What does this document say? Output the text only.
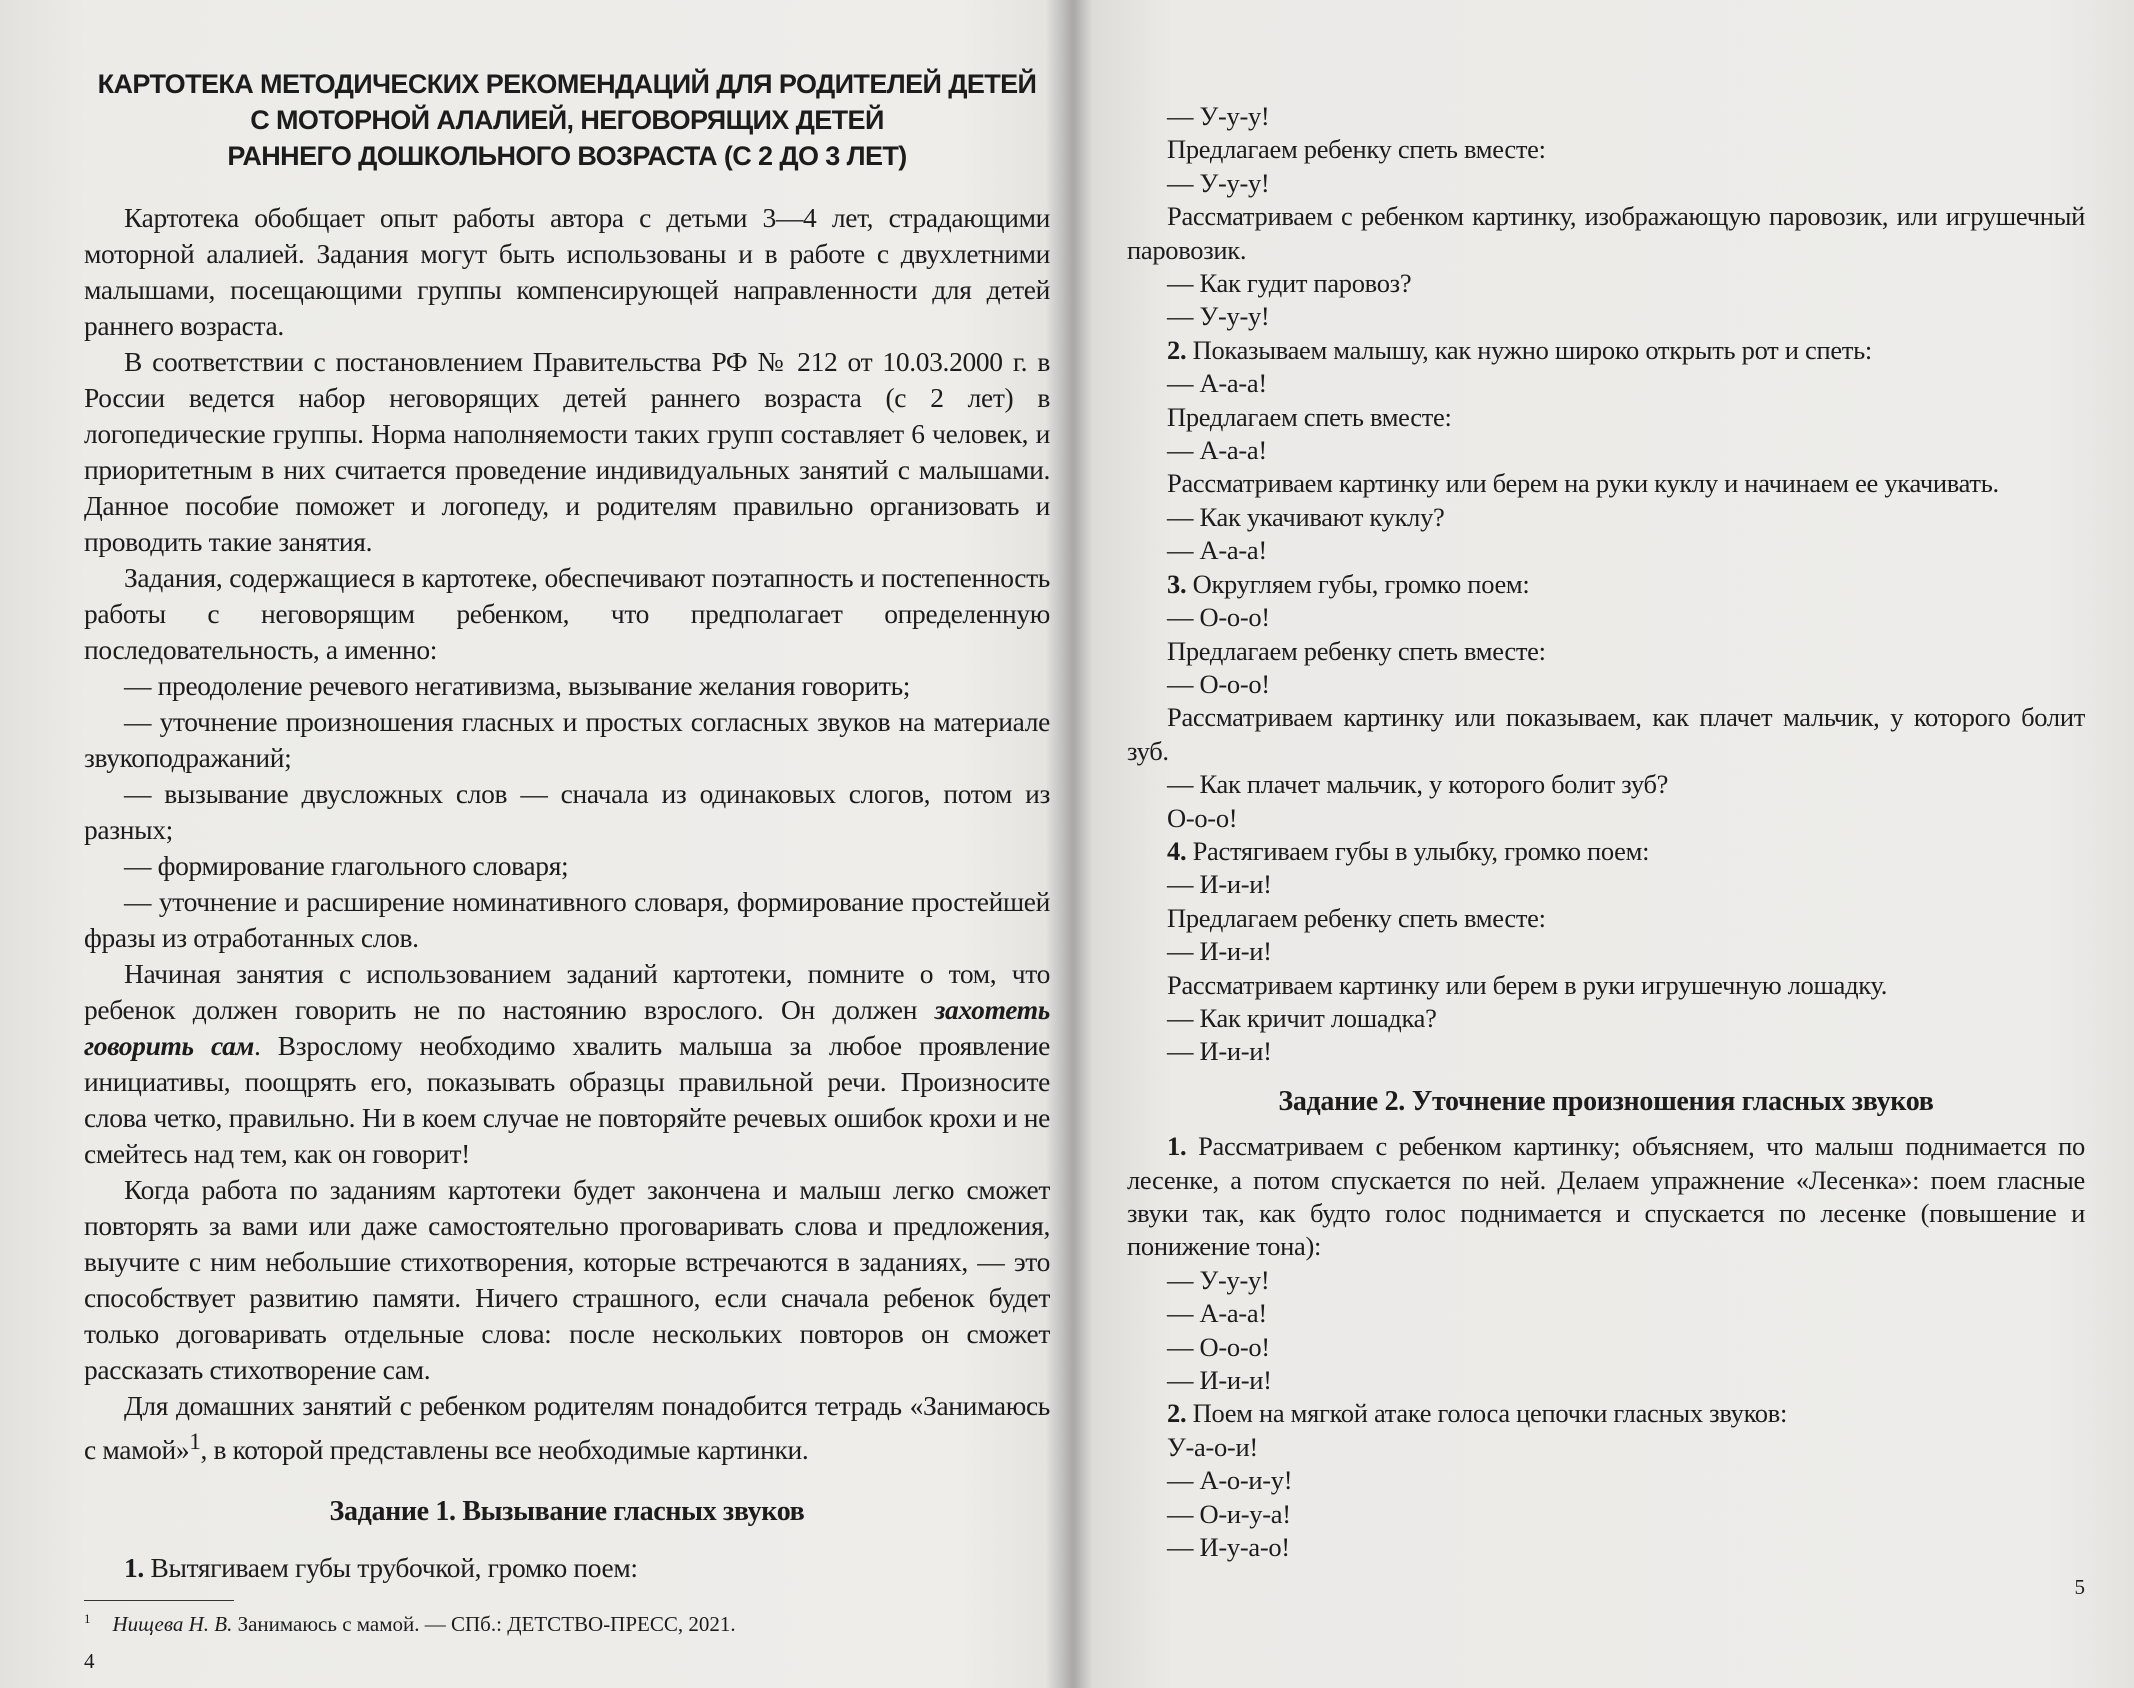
КАРТОТЕКА МЕТОДИЧЕСКИХ РЕКОМЕНДАЦИЙ ДЛЯ РОДИТЕЛЕЙ ДЕТЕЙ
С МОТОРНОЙ АЛАЛИЕЙ, НЕГОВОРЯЩИХ ДЕТЕЙ
РАННЕГО ДОШКОЛЬНОГО ВОЗРАСТА (С 2 ДО 3 ЛЕТ)

Картотека обобщает опыт работы автора с детьми 3—4 лет, страдающими моторной алалией. Задания могут быть использованы и в работе с двухлетними малышами, посещающими группы компенсирующей направленности для детей раннего возраста.

В соответствии с постановлением Правительства РФ № 212 от 10.03.2000 г. в России ведется набор неговорящих детей раннего возраста (с 2 лет) в логопедические группы. Норма наполняемости таких групп составляет 6 человек, и приоритетным в них считается проведение индивидуальных занятий с малышами. Данное пособие поможет и логопеду, и родителям правильно организовать и проводить такие занятия.

Задания, содержащиеся в картотеке, обеспечивают поэтапность и постепенность работы с неговорящим ребенком, что предполагает определенную последовательность, а именно:

— преодоление речевого негативизма, вызывание желания говорить;

— уточнение произношения гласных и простых согласных звуков на материале звукоподражаний;

— вызывание двусложных слов — сначала из одинаковых слогов, потом из разных;

— формирование глагольного словаря;

— уточнение и расширение номинативного словаря, формирование простейшей фразы из отработанных слов.

Начиная занятия с использованием заданий картотеки, помните о том, что ребенок должен говорить не по настоянию взрослого. Он должен захотеть говорить сам. Взрослому необходимо хвалить малыша за любое проявление инициативы, поощрять его, показывать образцы правильной речи. Произносите слова четко, правильно. Ни в коем случае не повторяйте речевых ошибок крохи и не смейтесь над тем, как он говорит!

Когда работа по заданиям картотеки будет закончена и малыш легко сможет повторять за вами или даже самостоятельно проговаривать слова и предложения, выучите с ним небольшие стихотворения, которые встречаются в заданиях, — это способствует развитию памяти. Ничего страшного, если сначала ребенок будет только договаривать отдельные слова: после нескольких повторов он сможет рассказать стихотворение сам.

Для домашних занятий с ребенком родителям понадобится тетрадь «Занимаюсь с мамой»$^1$, в которой представлены все необходимые картинки.

Задание 1. Вызывание гласных звуков

1. Вытягиваем губы трубочкой, громко поем:

$^1$ Нищева Н. В. Занимаюсь с мамой. — СПб.: ДЕТСТВО-ПРЕСС, 2021.
4

— У-у-у!

Предлагаем ребенку спеть вместе:

— У-у-у!

Рассматриваем с ребенком картинку, изображающую паровозик, или игрушечный паровозик.

— Как гудит паровоз?

— У-у-у!

2. Показываем малышу, как нужно широко открыть рот и спеть:

— А-а-а!

Предлагаем спеть вместе:

— А-а-а!

Рассматриваем картинку или берем на руки куклу и начинаем ее укачивать.

— Как укачивают куклу?

— А-а-а!

3. Округляем губы, громко поем:

— О-о-о!

Предлагаем ребенку спеть вместе:

— О-о-о!

Рассматриваем картинку или показываем, как плачет мальчик, у которого болит зуб.

— Как плачет мальчик, у которого болит зуб?

О-о-о!

4. Растягиваем губы в улыбку, громко поем:

— И-и-и!

Предлагаем ребенку спеть вместе:

— И-и-и!

Рассматриваем картинку или берем в руки игрушечную лошадку.

— Как кричит лошадка?

— И-и-и!

Задание 2. Уточнение произношения гласных звуков

1. Рассматриваем с ребенком картинку; объясняем, что малыш поднимается по лесенке, а потом спускается по ней. Делаем упражнение «Лесенка»: поем гласные звуки так, как будто голос поднимается и спускается по лесенке (повышение и понижение тона):

— У-у-у!

— А-а-а!

— О-о-о!

— И-и-и!

2. Поем на мягкой атаке голоса цепочки гласных звуков:

У-а-о-и!

— А-о-и-у!

— О-и-у-а!

— И-у-а-о!

5
